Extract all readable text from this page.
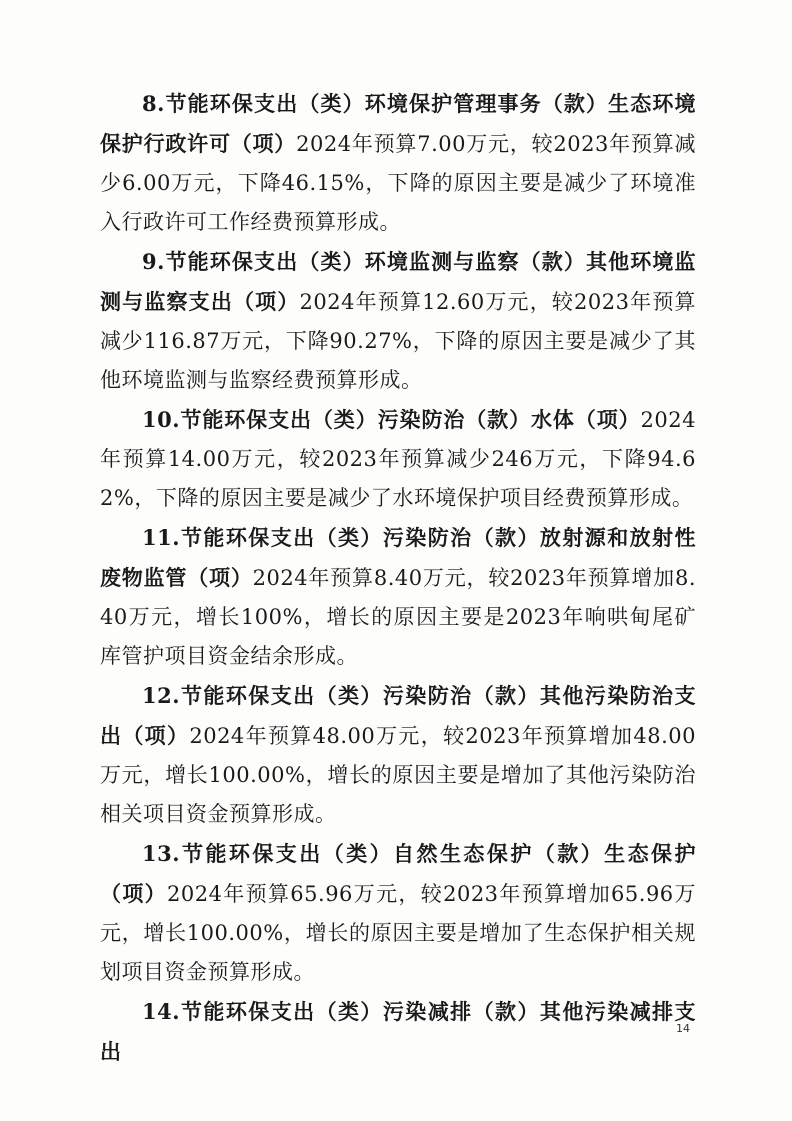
8.节能环保支出（类）环境保护管理事务（款）生态环境保护行政许可（项）2024年预算7.00万元，较2023年预算减少6.00万元，下降46.15%，下降的原因主要是减少了环境准入行政许可工作经费预算形成。

9.节能环保支出（类）环境监测与监察（款）其他环境监测与监察支出（项）2024年预算12.60万元，较2023年预算减少116.87万元，下降90.27%，下降的原因主要是减少了其他环境监测与监察经费预算形成。

10.节能环保支出（类）污染防治（款）水体（项）2024年预算14.00万元，较2023年预算减少246万元，下降94.62%，下降的原因主要是减少了水环境保护项目经费预算形成。

11.节能环保支出（类）污染防治（款）放射源和放射性废物监管（项）2024年预算8.40万元，较2023年预算增加8.40万元，增长100%，增长的原因主要是2023年响哄甸尾矿库管护项目资金结余形成。

12.节能环保支出（类）污染防治（款）其他污染防治支出（项）2024年预算48.00万元，较2023年预算增加48.00万元，增长100.00%，增长的原因主要是增加了其他污染防治相关项目资金预算形成。

13.节能环保支出（类）自然生态保护（款）生态保护（项）2024年预算65.96万元，较2023年预算增加65.96万元，增长100.00%，增长的原因主要是增加了生态保护相关规划项目资金预算形成。

14.节能环保支出（类）污染减排（款）其他污染减排支出

14
